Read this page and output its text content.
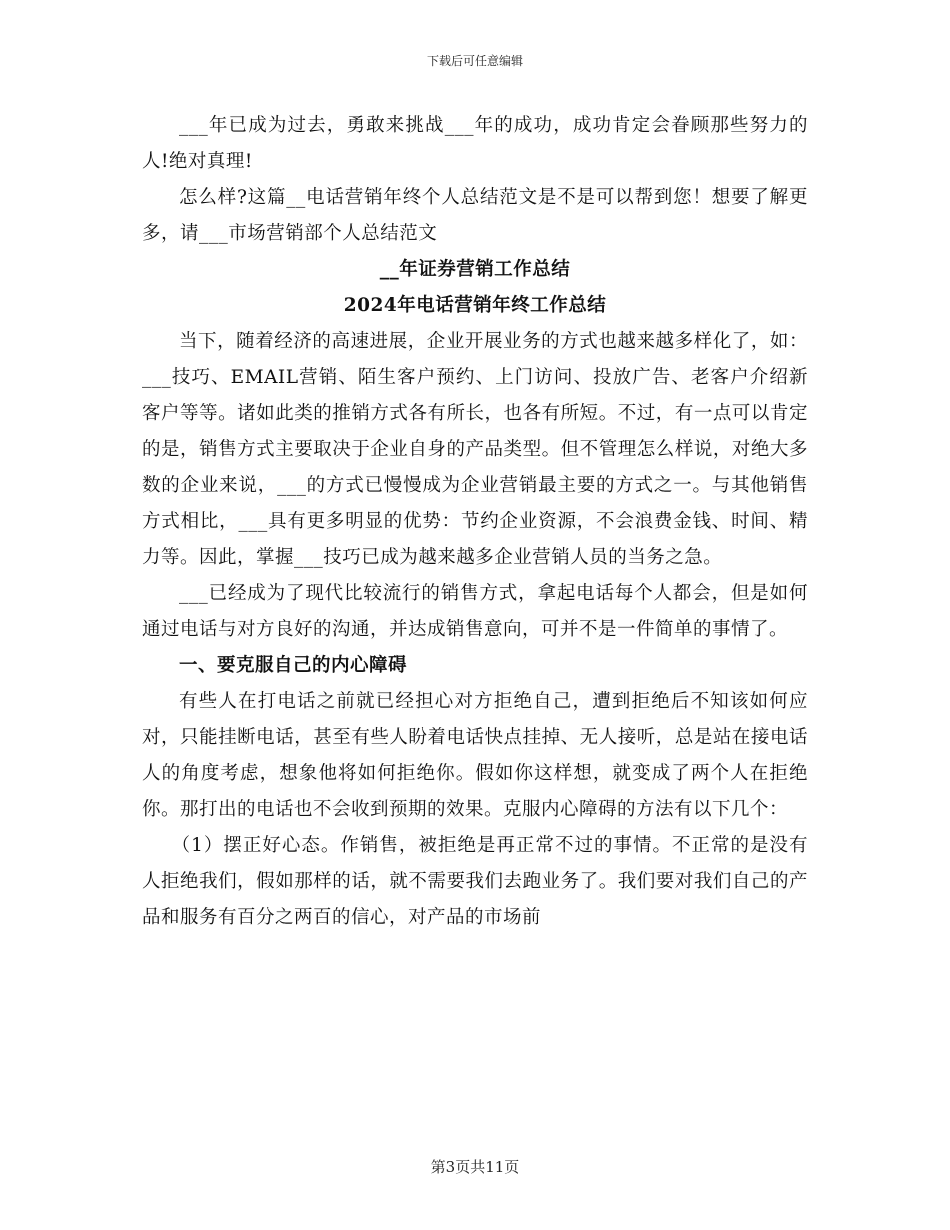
下载后可任意编辑

___年已成为过去，勇敢来挑战___年的成功，成功肯定会眷顾那些努力的人!绝对真理!

怎么样?这篇__电话营销年终个人总结范文是不是可以帮到您！想要了解更多，请___市场营销部个人总结范文

__年证券营销工作总结

2024年电话营销年终工作总结

当下，随着经济的高速进展，企业开展业务的方式也越来越多样化了，如：___技巧、EMAIL营销、陌生客户预约、上门访问、投放广告、老客户介绍新客户等等。诸如此类的推销方式各有所长，也各有所短。不过，有一点可以肯定的是，销售方式主要取决于企业自身的产品类型。但不管理怎么样说，对绝大多数的企业来说，___的方式已慢慢成为企业营销最主要的方式之一。与其他销售方式相比，___具有更多明显的优势：节约企业资源，不会浪费金钱、时间、精力等。因此，掌握___技巧已成为越来越多企业营销人员的当务之急。

___已经成为了现代比较流行的销售方式，拿起电话每个人都会，但是如何通过电话与对方良好的沟通，并达成销售意向，可并不是一件简单的事情了。

一、要克服自己的内心障碍

有些人在打电话之前就已经担心对方拒绝自己，遭到拒绝后不知该如何应对，只能挂断电话，甚至有些人盼着电话快点挂掉、无人接听，总是站在接电话人的角度考虑，想象他将如何拒绝你。假如你这样想，就变成了两个人在拒绝你。那打出的电话也不会收到预期的效果。克服内心障碍的方法有以下几个：

（1）摆正好心态。作销售，被拒绝是再正常不过的事情。不正常的是没有人拒绝我们，假如那样的话，就不需要我们去跑业务了。我们要对我们自己的产品和服务有百分之两百的信心，对产品的市场前

第3页共11页
